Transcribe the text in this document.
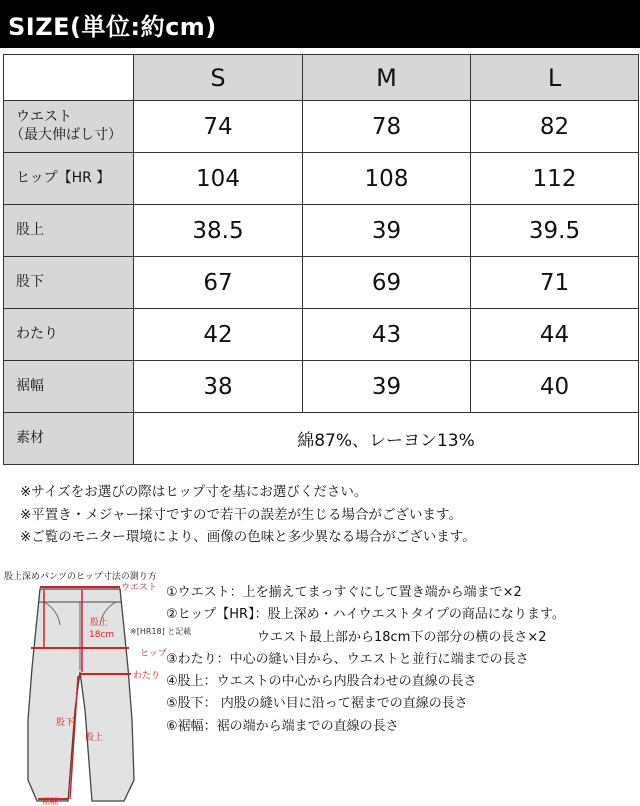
SIZE(単位:約cm)
	S	M	L
ウエスト
（最大伸ばし寸）	74	78	82
ヒップ【HR 】	104	108	112
股上	38.5	39	39.5
股下	67	69	71
わたり	42	43	44
裾幅	38	39	40
素材	綿87%、レーヨン13%		
※サイズをお選びの際はヒップ寸を基にお選びください。
※平置き・メジャー採寸ですので若干の誤差が生じる場合がございます。
※ご覧のモニター環境により、画像の色味と多少異なる場合がございます。
股上深めパンツのヒップ寸法の測り方
ウエスト
股上
18cm ※[HR18] と記載
ヒップ
わたり
股下
股上
裾幅
①ウエスト：上を揃えてまっすぐにして置き端から端まで×2
②ヒップ【HR】：股上深め・ハイウエストタイプの商品になります。
　　　　　　　ウエスト最上部から18cm下の部分の横の長さ×2
③わたり：中心の縫い目から、ウエストと並行に端までの長さ
④股上：ウエストの中心から内股合わせの直線の長さ
⑤股下： 内股の縫い目に沿って裾までの直線の長さ
⑥裾幅：裾の端から端までの直線の長さ
